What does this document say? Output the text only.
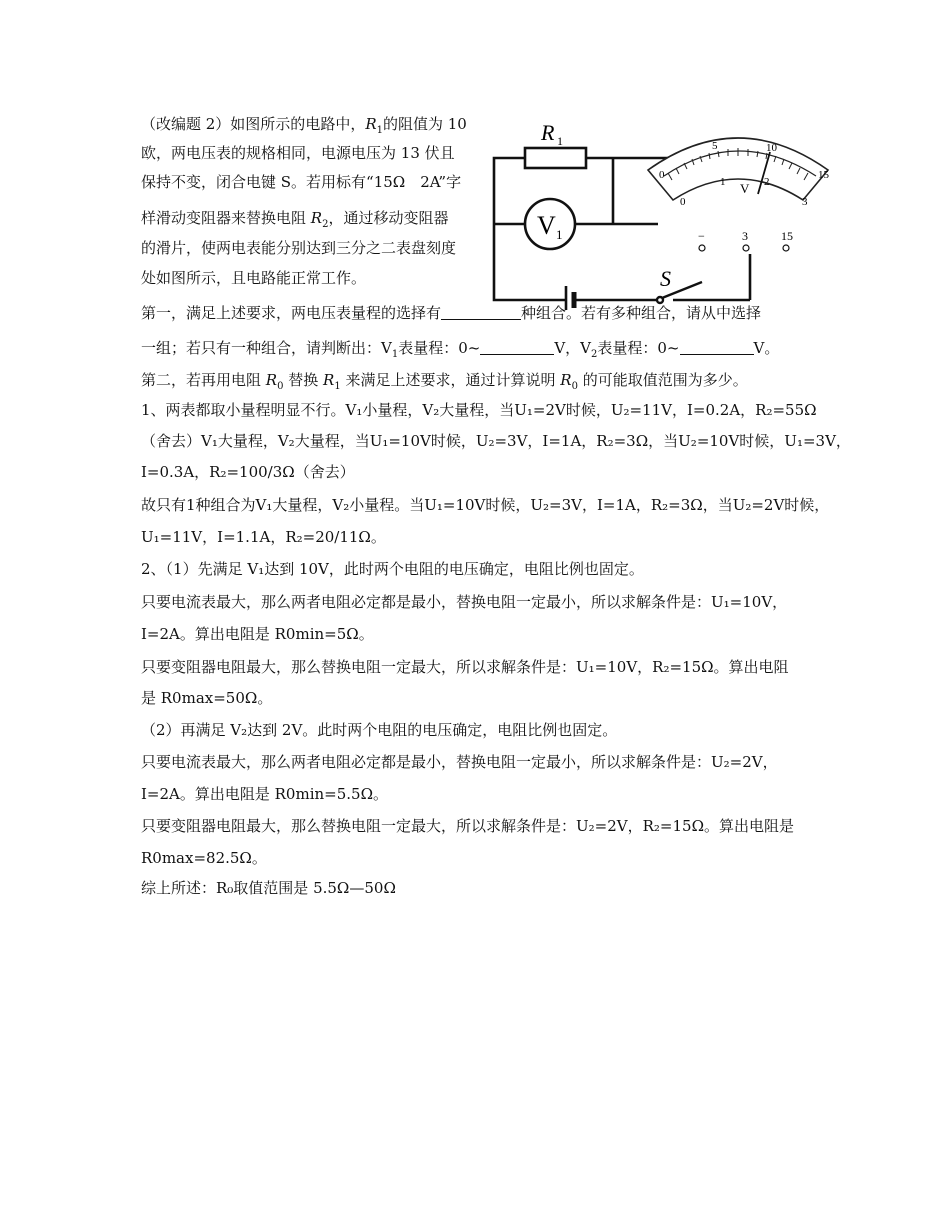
（改编题 2）如图所示的电路中，$R_1$的阻值为 10
欧，两电压表的规格相同，电源电压为 13 伏且
保持不变，闭合电键 S。若用标有“15Ω　2A”字
样滑动变阻器来替换电阻 $R_2$，通过移动变阻器
的滑片，使两电表能分别达到三分之二表盘刻度
处如图所示，且电路能正常工作。
第一，满足上述要求，两电压表量程的选择有	种组合。若有多种组合，请从中选择
一组；若只有一种组合，请判断出：$V_1$表量程：0~	V，$V_2$表量程：0~	V。
第二，若再用电阻 $R_0$ 替换 $R_1$ 来满足上述要求，通过计算说明 $R_0$ 的可能取值范围为多少。
1、两表都取小量程明显不行。V₁小量程，V₂大量程，当U₁=2V时候，U₂=11V，I=0.2A，R₂=55Ω
（舍去）V₁大量程，V₂大量程，当U₁=10V时候，U₂=3V，I=1A，R₂=3Ω，当U₂=10V时候，U₁=3V，
I=0.3A，R₂=100/3Ω（舍去）
故只有1种组合为V₁大量程，V₂小量程。当U₁=10V时候，U₂=3V，I=1A，R₂=3Ω，当U₂=2V时候，
U₁=11V，I=1.1A，R₂=20/11Ω。
2、（1）先满足 V₁达到 10V，此时两个电阻的电压确定，电阻比例也固定。
只要电流表最大，那么两者电阻必定都是最小，替换电阻一定最小，所以求解条件是：U₁=10V，
I=2A。算出电阻是 R0min=5Ω。
只要变阻器电阻最大，那么替换电阻一定最大，所以求解条件是：U₁=10V，R₂=15Ω。算出电阻
是 R0max=50Ω。
（2）再满足 V₂达到 2V。此时两个电阻的电压确定，电阻比例也固定。
只要电流表最大，那么两者电阻必定都是最小，替换电阻一定最小，所以求解条件是：U₂=2V，
I=2A。算出电阻是 R0min=5.5Ω。
只要变阻器电阻最大，那么替换电阻一定最大，所以求解条件是：U₂=2V，R₂=15Ω。算出电阻是
R0max=82.5Ω。
综上所述：R₀取值范围是 5.5Ω—50Ω
R 1
V 1
S
0
5	10
15
0
1	2
3
V
−	3	15
